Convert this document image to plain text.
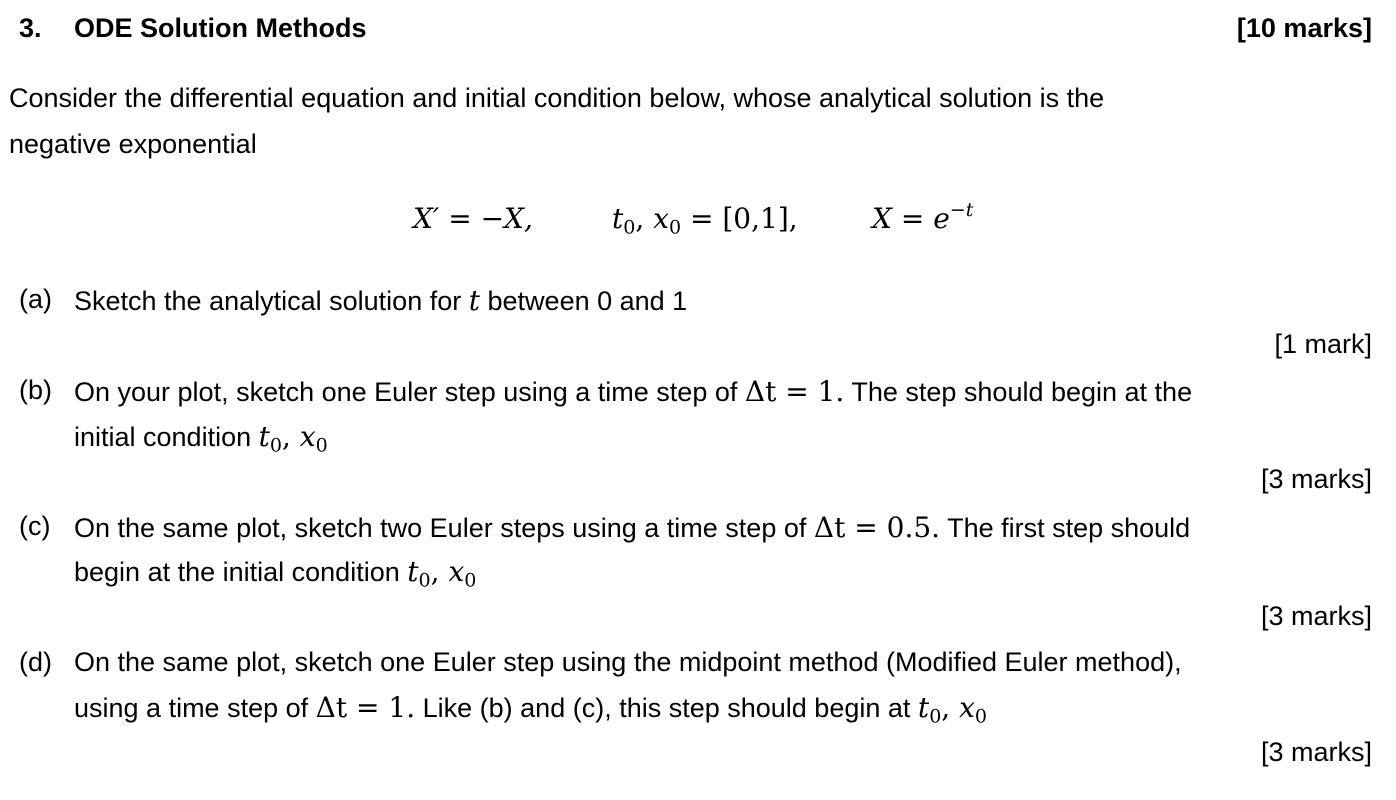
3. ODE Solution Methods	[10 marks]
Consider the differential equation and initial condition below, whose analytical solution is the
negative exponential
X′ = −X,	$t_0$, $x_0 = [0,1]$,	$X = e^{-t}$
(a) Sketch the analytical solution for t between 0 and 1
[1 mark]
(b) On your plot, sketch one Euler step using a time step of Δt = 1. The step should begin at the
initial condition $t_0$, $x_0$
[3 marks]
(c) On the same plot, sketch two Euler steps using a time step of Δt = 0.5. The first step should
begin at the initial condition $t_0$, $x_0$
[3 marks]
(d) On the same plot, sketch one Euler step using the midpoint method (Modified Euler method),
using a time step of Δt = 1. Like (b) and (c), this step should begin at $t_0$, $x_0$
[3 marks]
